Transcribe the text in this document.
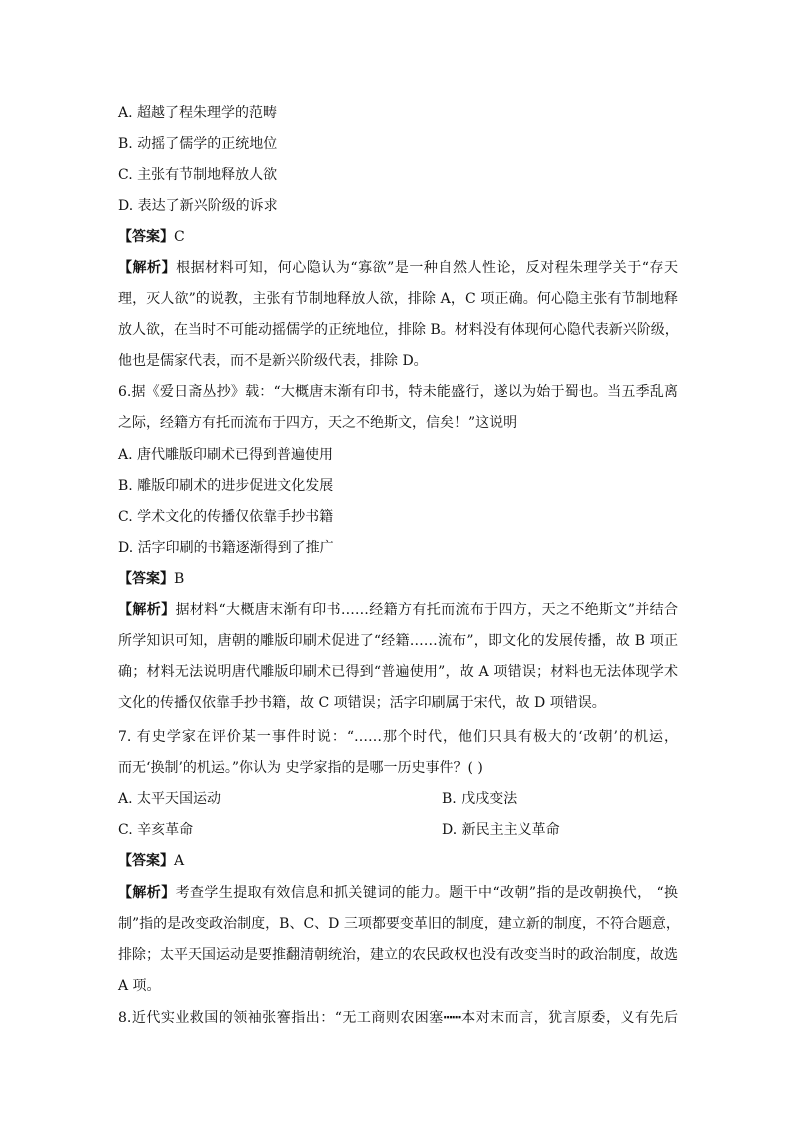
A. 超越了程朱理学的范畴
B. 动摇了儒学的正统地位
C. 主张有节制地释放人欲
D. 表达了新兴阶级的诉求
【答案】C
【解析】根据材料可知，何心隐认为“寡欲”是一种自然人性论，反对程朱理学关于“存天
理，灭人欲”的说教，主张有节制地释放人欲，排除 A，C 项正确。何心隐主张有节制地释
放人欲，在当时不可能动摇儒学的正统地位，排除 B。材料没有体现何心隐代表新兴阶级，
他也是儒家代表，而不是新兴阶级代表，排除 D。
6.据《爱日斋丛抄》载：“大概唐末渐有印书，特未能盛行，遂以为始于蜀也。当五季乱离
之际，经籍方有托而流布于四方，天之不绝斯文，信矣！”这说明
A. 唐代雕版印刷术已得到普遍使用
B. 雕版印刷术的进步促进文化发展
C. 学术文化的传播仅依靠手抄书籍
D. 活字印刷的书籍逐渐得到了推广
【答案】B
【解析】据材料“大概唐末渐有印书……经籍方有托而流布于四方，天之不绝斯文”并结合
所学知识可知，唐朝的雕版印刷术促进了“经籍……流布”，即文化的发展传播，故 B 项正
确；材料无法说明唐代雕版印刷术已得到“普遍使用”，故 A 项错误；材料也无法体现学术
文化的传播仅依靠手抄书籍，故 C 项错误；活字印刷属于宋代，故 D 项错误。
7. 有史学家在评价某一事件时说：“……那个时代，他们只具有极大的‘改朝’的机运，
而无‘换制’的机运。”你认为 史学家指的是哪一历史事件？( )
A. 太平天国运动	B. 戊戌变法
C. 辛亥革命	D. 新民主主义革命
【答案】A
【解析】考查学生提取有效信息和抓关键词的能力。题干中“改朝”指的是改朝换代， “换
制”指的是改变政治制度，B、C、D 三项都要变革旧的制度，建立新的制度，不符合题意，
排除；太平天国运动是要推翻清朝统治，建立的农民政权也没有改变当时的政治制度，故选
A 项。
8.近代实业救国的领袖张謇指出：“无工商则农困塞┅┅本对末而言，犹言原委，义有先后
